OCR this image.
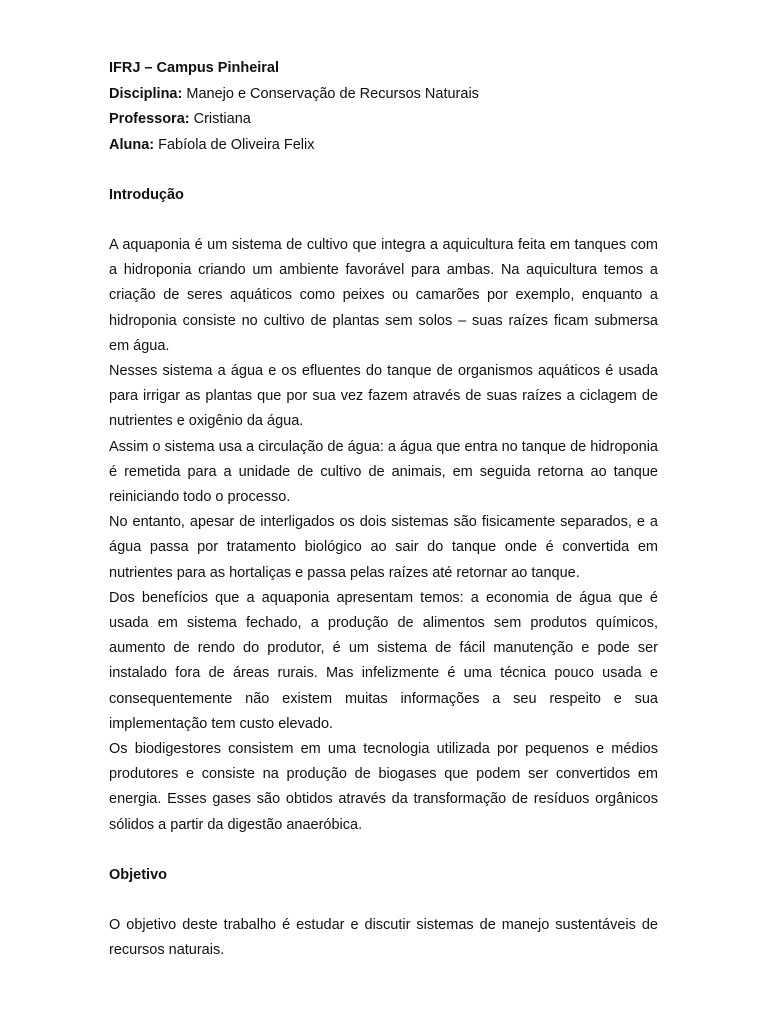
IFRJ – Campus Pinheiral
Disciplina: Manejo e Conservação de Recursos Naturais
Professora: Cristiana
Aluna: Fabíola de Oliveira Felix
Introdução

A aquaponia é um sistema de cultivo que integra a aquicultura feita em tanques com a hidroponia criando um ambiente favorável para ambas. Na aquicultura temos a criação de seres aquáticos como peixes ou camarões por exemplo, enquanto a hidroponia consiste no cultivo de plantas sem solos – suas raízes ficam submersa em água.

Nesses sistema a água e os efluentes do tanque de organismos aquáticos é usada para irrigar as plantas que por sua vez fazem através de suas raízes a ciclagem de nutrientes e oxigênio da água.

Assim o sistema usa a circulação de água: a água que entra no tanque de hidroponia é remetida para a unidade de cultivo de animais, em seguida retorna ao tanque reiniciando todo o processo.

No entanto, apesar de interligados os dois sistemas são fisicamente separados, e a água passa por tratamento biológico ao sair do tanque onde é convertida em nutrientes para as hortaliças e passa pelas raízes até retornar ao tanque.

Dos benefícios que a aquaponia apresentam temos: a economia de água que é usada em sistema fechado, a produção de alimentos sem produtos químicos, aumento de rendo do produtor, é um sistema de fácil manutenção e pode ser instalado fora de áreas rurais. Mas infelizmente é uma técnica pouco usada e consequentemente não existem muitas informações a seu respeito e sua implementação tem custo elevado.

Os biodigestores consistem em uma tecnologia utilizada por pequenos e médios produtores e consiste na produção de biogases que podem ser convertidos em energia. Esses gases são obtidos através da transformação de resíduos orgânicos sólidos a partir da digestão anaeróbica.

Objetivo

O objetivo deste trabalho é estudar e discutir sistemas de manejo sustentáveis de recursos naturais.
